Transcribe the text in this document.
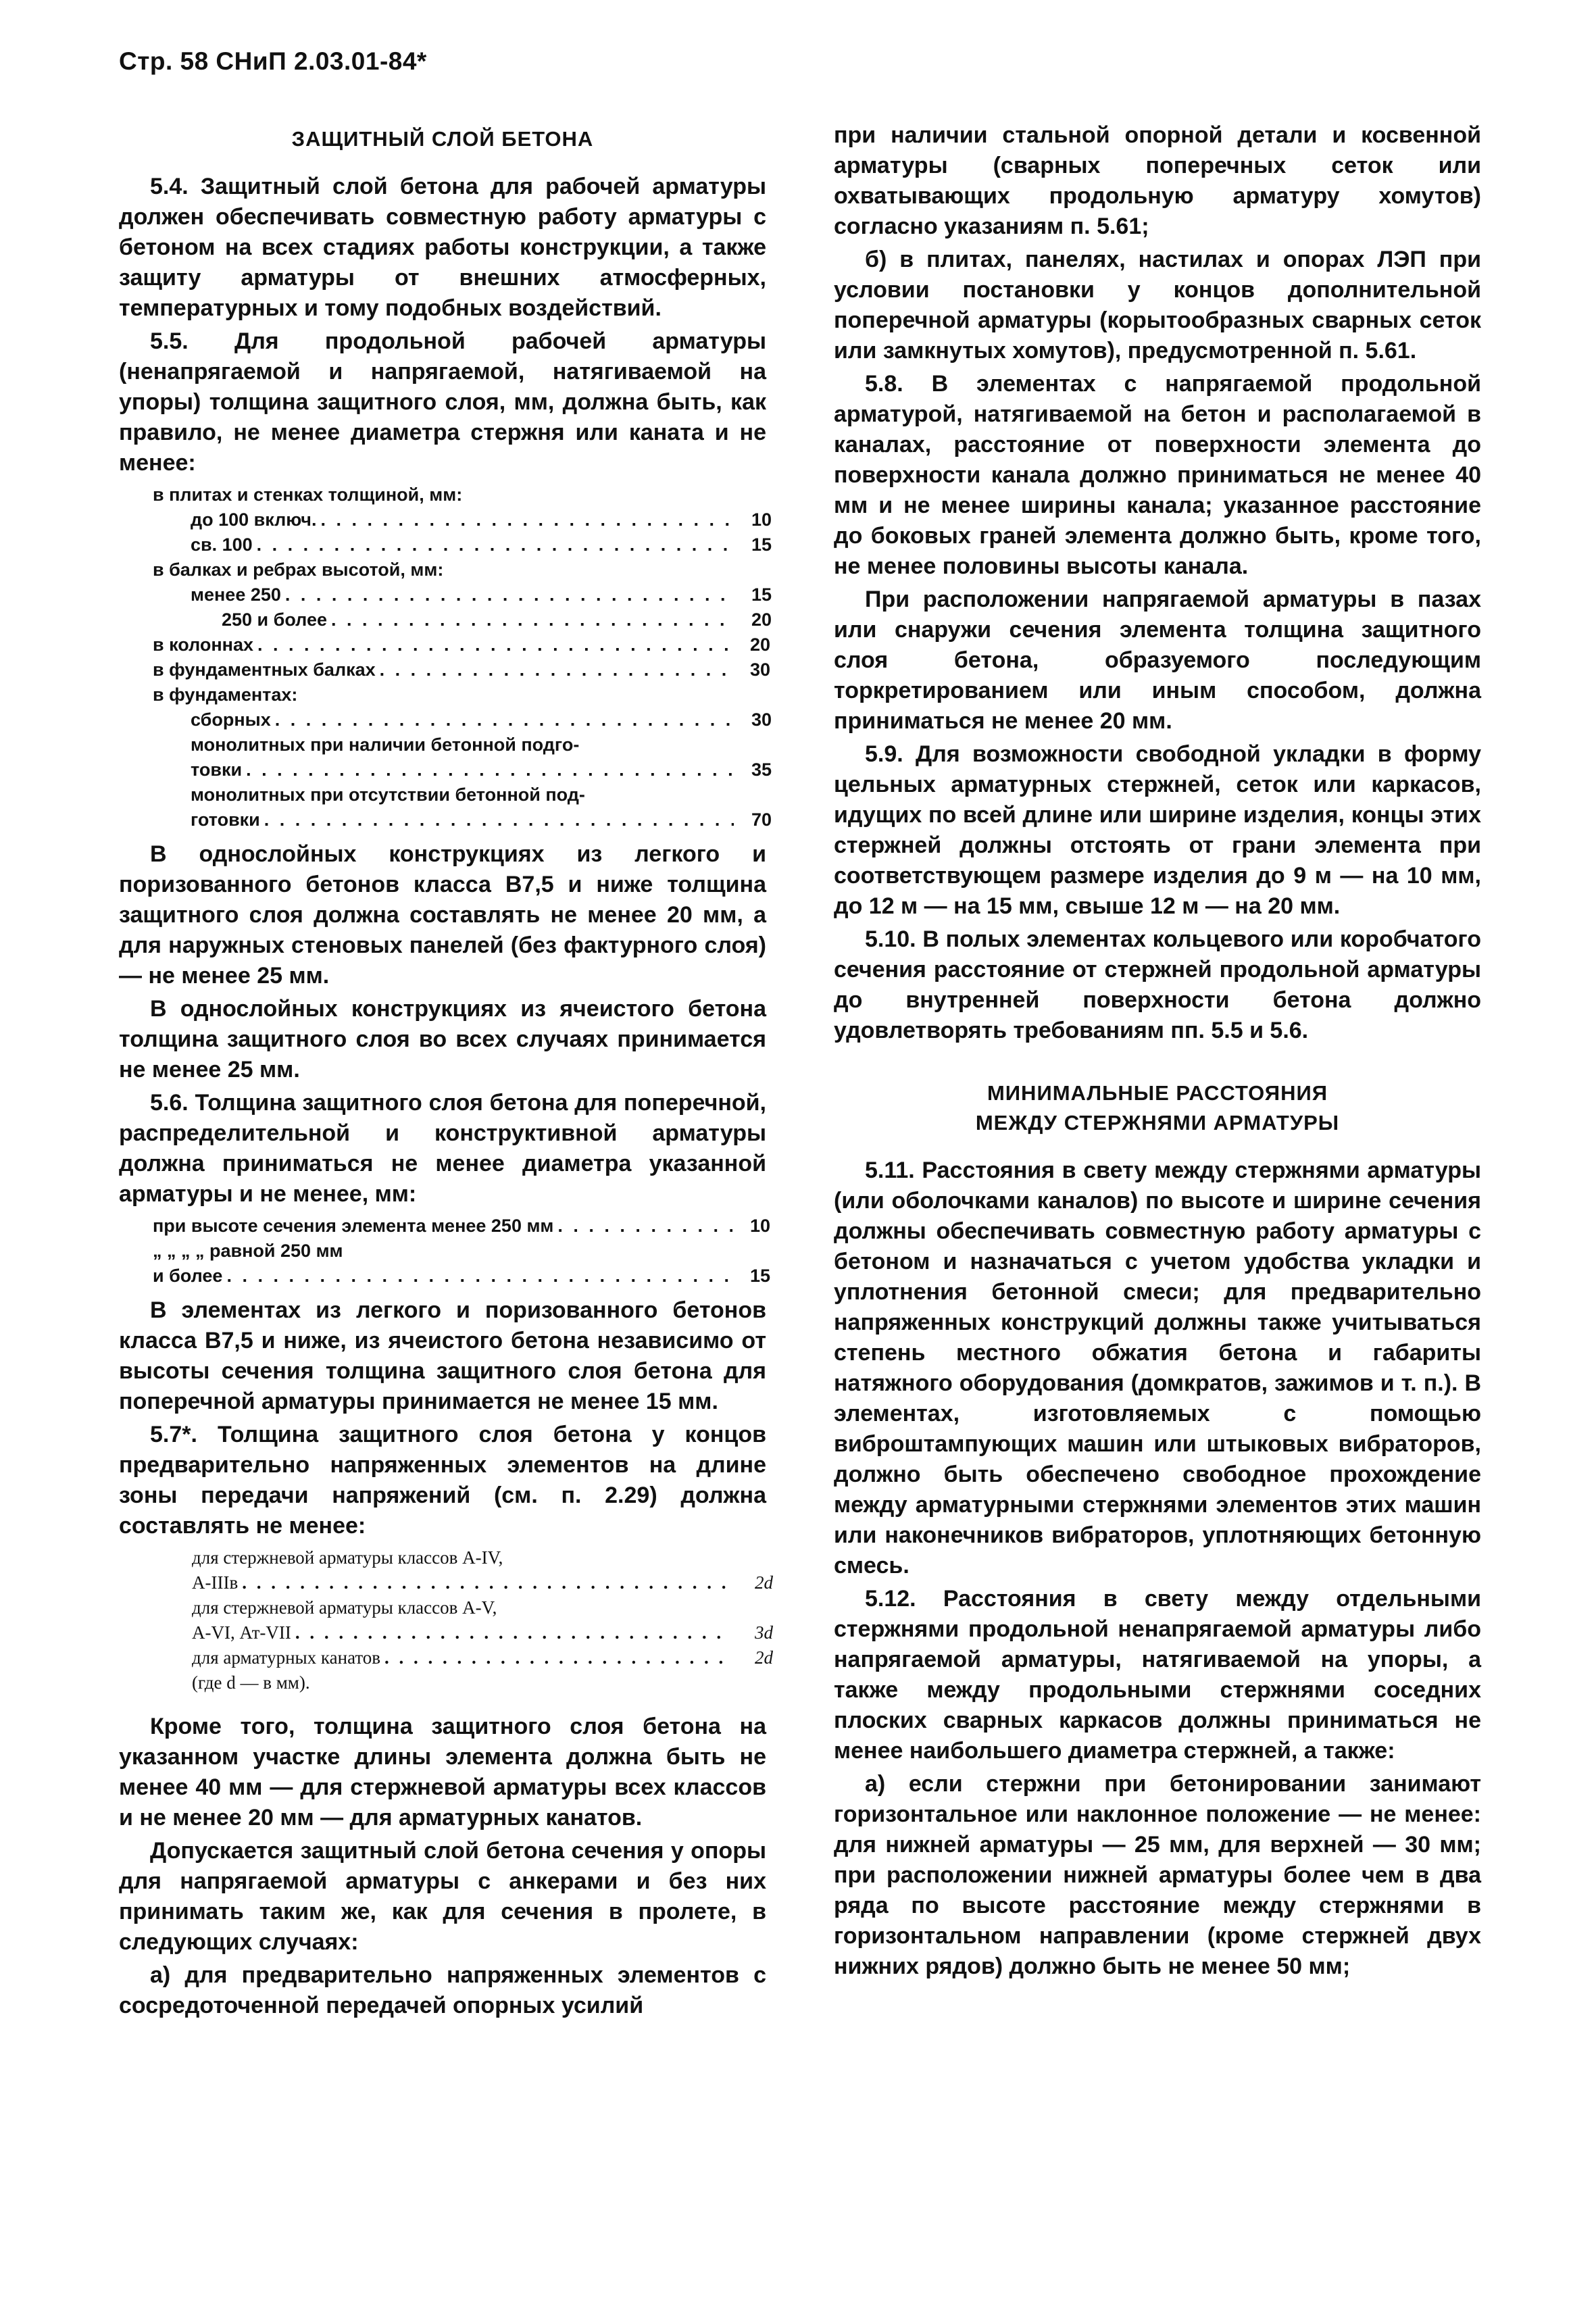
Стр. 58 СНиП 2.03.01-84*
ЗАЩИТНЫЙ СЛОЙ БЕТОНА

5.4. Защитный слой бетона для рабочей арматуры должен обеспечивать совместную работу арматуры с бетоном на всех стадиях работы конструкции, а также защиту арматуры от внешних атмосферных, температурных и тому подобных воздействий.

5.5. Для продольной рабочей арматуры (ненапрягаемой и напрягаемой, натягиваемой на упоры) толщина защитного слоя, мм, должна быть, как правило, не менее диаметра стержня или каната и не менее:

в плитах и стенках толщиной, мм:
до 100 включ. . . .	10
св. 100 . . .	15
в балках и ребрах высотой, мм:
менее 250 . . .	15
250 и более . . .	20
в колоннах . . .	20
в фундаментных балках . . .	30
в фундаментах:
сборных . . .	30
монолитных при наличии бетонной подго-
товки . . .	35
монолитных при отсутствии бетонной под-
готовки . . .	70

В однослойных конструкциях из легкого и поризованного бетонов класса B7,5 и ниже толщина защитного слоя должна составлять не менее 20 мм, а для наружных стеновых панелей (без фактурного слоя) — не менее 25 мм.

В однослойных конструкциях из ячеистого бетона толщина защитного слоя во всех случаях принимается не менее 25 мм.

5.6. Толщина защитного слоя бетона для поперечной, распределительной и конструктивной арматуры должна приниматься не менее диаметра указанной арматуры и не менее, мм:

при высоте сечения элемента менее 250 мм . . .	10
„ „ „ „ равной 250 мм
и более . . .	15

В элементах из легкого и поризованного бетонов класса B7,5 и ниже, из ячеистого бетона независимо от высоты сечения толщина защитного слоя бетона для поперечной арматуры принимается не менее 15 мм.

5.7*. Толщина защитного слоя бетона у концов предварительно напряженных элементов на длине зоны передачи напряжений (см. п. 2.29) должна составлять не менее:

для стержневой арматуры классов А-IV,
А-IIIв . . .	2d
для стержневой арматуры классов А-V,
А-VI, Ат-VII . . .	3d
для арматурных канатов . . .	2d
(где d — в мм).

Кроме того, толщина защитного слоя бетона на указанном участке длины элемента должна быть не менее 40 мм — для стержневой арматуры всех классов и не менее 20 мм — для арматурных канатов.

Допускается защитный слой бетона сечения у опоры для напрягаемой арматуры с анкерами и без них принимать таким же, как для сечения в пролете, в следующих случаях:

а) для предварительно напряженных элементов с сосредоточенной передачей опорных усилий

при наличии стальной опорной детали и косвенной арматуры (сварных поперечных сеток или охватывающих продольную арматуру хомутов) согласно указаниям п. 5.61;

б) в плитах, панелях, настилах и опорах ЛЭП при условии постановки у концов дополнительной поперечной арматуры (корытообразных сварных сеток или замкнутых хомутов), предусмотренной п. 5.61.

5.8. В элементах с напрягаемой продольной арматурой, натягиваемой на бетон и располагаемой в каналах, расстояние от поверхности элемента до поверхности канала должно приниматься не менее 40 мм и не менее ширины канала; указанное расстояние до боковых граней элемента должно быть, кроме того, не менее половины высоты канала.

При расположении напрягаемой арматуры в пазах или снаружи сечения элемента толщина защитного слоя бетона, образуемого последующим торкретированием или иным способом, должна приниматься не менее 20 мм.

5.9. Для возможности свободной укладки в форму цельных арматурных стержней, сеток или каркасов, идущих по всей длине или ширине изделия, концы этих стержней должны отстоять от грани элемента при соответствующем размере изделия до 9 м — на 10 мм, до 12 м — на 15 мм, свыше 12 м — на 20 мм.

5.10. В полых элементах кольцевого или коробчатого сечения расстояние от стержней продольной арматуры до внутренней поверхности бетона должно удовлетворять требованиям пп. 5.5 и 5.6.

МИНИМАЛЬНЫЕ РАССТОЯНИЯ
МЕЖДУ СТЕРЖНЯМИ АРМАТУРЫ

5.11. Расстояния в свету между стержнями арматуры (или оболочками каналов) по высоте и ширине сечения должны обеспечивать совместную работу арматуры с бетоном и назначаться с учетом удобства укладки и уплотнения бетонной смеси; для предварительно напряженных конструкций должны также учитываться степень местного обжатия бетона и габариты натяжного оборудования (домкратов, зажимов и т. п.). В элементах, изготовляемых с помощью виброштампующих машин или штыковых вибраторов, должно быть обеспечено свободное прохождение между арматурными стержнями элементов этих машин или наконечников вибраторов, уплотняющих бетонную смесь.

5.12. Расстояния в свету между отдельными стержнями продольной ненапрягаемой арматуры либо напрягаемой арматуры, натягиваемой на упоры, а также между продольными стержнями соседних плоских сварных каркасов должны приниматься не менее наибольшего диаметра стержней, а также:

а) если стержни при бетонировании занимают горизонтальное или наклонное положение — не менее: для нижней арматуры — 25 мм, для верхней — 30 мм; при расположении нижней арматуры более чем в два ряда по высоте расстояние между стержнями в горизонтальном направлении (кроме стержней двух нижних рядов) должно быть не менее 50 мм;
